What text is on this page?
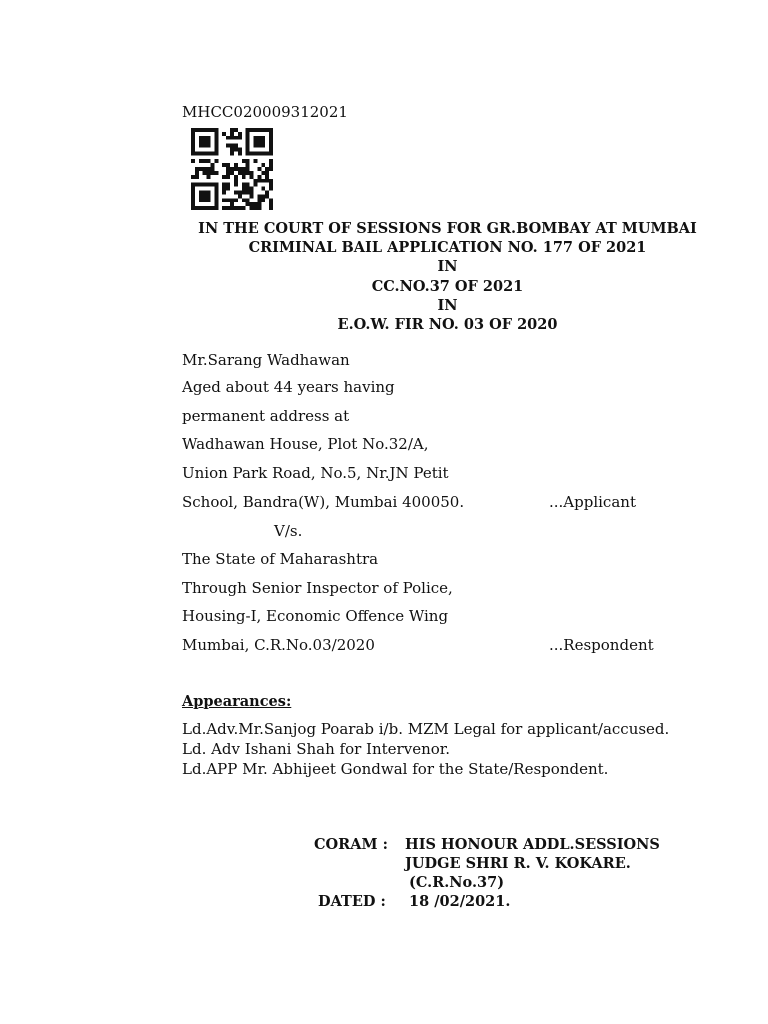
MHCC020009312021
IN THE COURT OF SESSIONS FOR GR.BOMBAY AT MUMBAI
CRIMINAL BAIL APPLICATION NO. 177 OF 2021
IN
CC.NO.37 OF 2021
IN
E.O.W. FIR NO. 03 OF 2020
Mr.Sarang Wadhawan
Aged about 44 years having
permanent address at
Wadhawan House, Plot No.32/A,
Union Park Road, No.5, Nr.JN Petit
School, Bandra(W), Mumbai 400050.	...Applicant
V/s.
The State of Maharashtra
Through Senior Inspector of Police,
Housing-I, Economic Offence Wing
Mumbai, C.R.No.03/2020	...Respondent
Appearances:
Ld.Adv.Mr.Sanjog Poarab i/b. MZM Legal for applicant/accused.
Ld. Adv Ishani Shah for Intervenor.
Ld.APP Mr. Abhijeet Gondwal for the State/Respondent.
CORAM : HIS HONOUR ADDL.SESSIONS
JUDGE SHRI R. V. KOKARE.
(C.R.No.37)
DATED : 18 /02/2021.
